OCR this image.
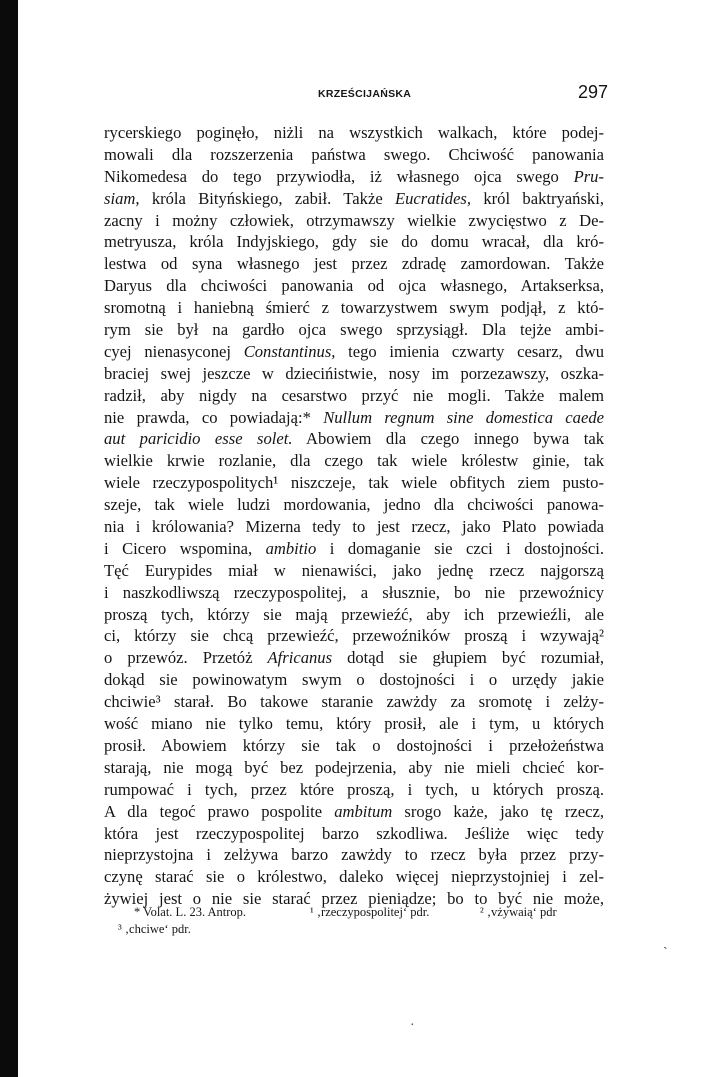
KRZEŚCIJAŃSKA	297
rycerskiego poginęło, niżli na wszystkich walkach, które podej-
mowali dla rozszerzenia państwa swego. Chciwość panowania
Nikomedesa do tego przywiodła, iż własnego ojca swego Pru-
siam, króla Bityńskiego, zabił. Także Eucratides, król baktryański,
zacny i możny człowiek, otrzymawszy wielkie zwycięstwo z De-
metryusza, króla Indyjskiego, gdy sie do domu wracał, dla kró-
lestwa od syna własnego jest przez zdradę zamordowan. Także
Daryus dla chciwości panowania od ojca własnego, Artakserksa,
sromotną i haniebną śmierć z towarzystwem swym podjął, z któ-
rym sie był na gardło ojca swego sprzysiągł. Dla tejże ambi-
cyej nienasyconej Constantinus, tego imienia czwarty cesarz, dwu
braciej swej jeszcze w dziecińistwie, nosy im porzezawszy, oszka-
radził, aby nigdy na cesarstwo przyć nie mogli. Także malem
nie prawda, co powiadają:* Nullum regnum sine domestica caede
aut paricidio esse solet. Abowiem dla czego innego bywa tak
wielkie krwie rozlanie, dla czego tak wiele królestw ginie, tak
wiele rzeczypospolitych¹ niszczeje, tak wiele obfitych ziem pusto-
szeje, tak wiele ludzi mordowania, jedno dla chciwości panowa-
nia i królowania? Mizerna tedy to jest rzecz, jako Plato powiada
i Cicero wspomina, ambitio i domaganie sie czci i dostojności.
Tęć Eurypides miał w nienawiści, jako jednę rzecz najgorszą
i naszkodliwszą rzeczypospolitej, a słusznie, bo nie przewoźnicy
proszą tych, którzy sie mają przewieźć, aby ich przewieźli, ale
ci, którzy sie chcą przewieźć, przewoźników proszą i wzywają²
o przewóz. Przetóż Africanus dotąd sie głupiem być rozumiał,
dokąd sie powinowatym swym o dostojności i o urzędy jakie
chciwie³ starał. Bo takowe staranie zawżdy za sromotę i zelży-
wość miano nie tylko temu, który prosił, ale i tym, u których
prosił. Abowiem którzy sie tak o dostojności i przełożeństwa
starają, nie mogą być bez podejrzenia, aby nie mieli chcieć kor-
rumpować i tych, przez które proszą, i tych, u których proszą.
A dla tegoć prawo pospolite ambitum srogo każe, jako tę rzecz,
która jest rzeczypospolitej barzo szkodliwa. Jeśliże więc tedy
nieprzystojna i zelżywa barzo zawżdy to rzecz była przez przy-
czynę starać sie o królestwo, daleko więcej nieprzystojniej i zel-
żywiej jest o nie sie starać przez pieniądze; bo to być nie może,
* Volat. L. 23. Antrop.	¹ ‚rzeczypospolitej‘ pdr.	² ‚vżywaią‘ pdr
³ ‚chciwe‘ pdr.
ˏ
·
